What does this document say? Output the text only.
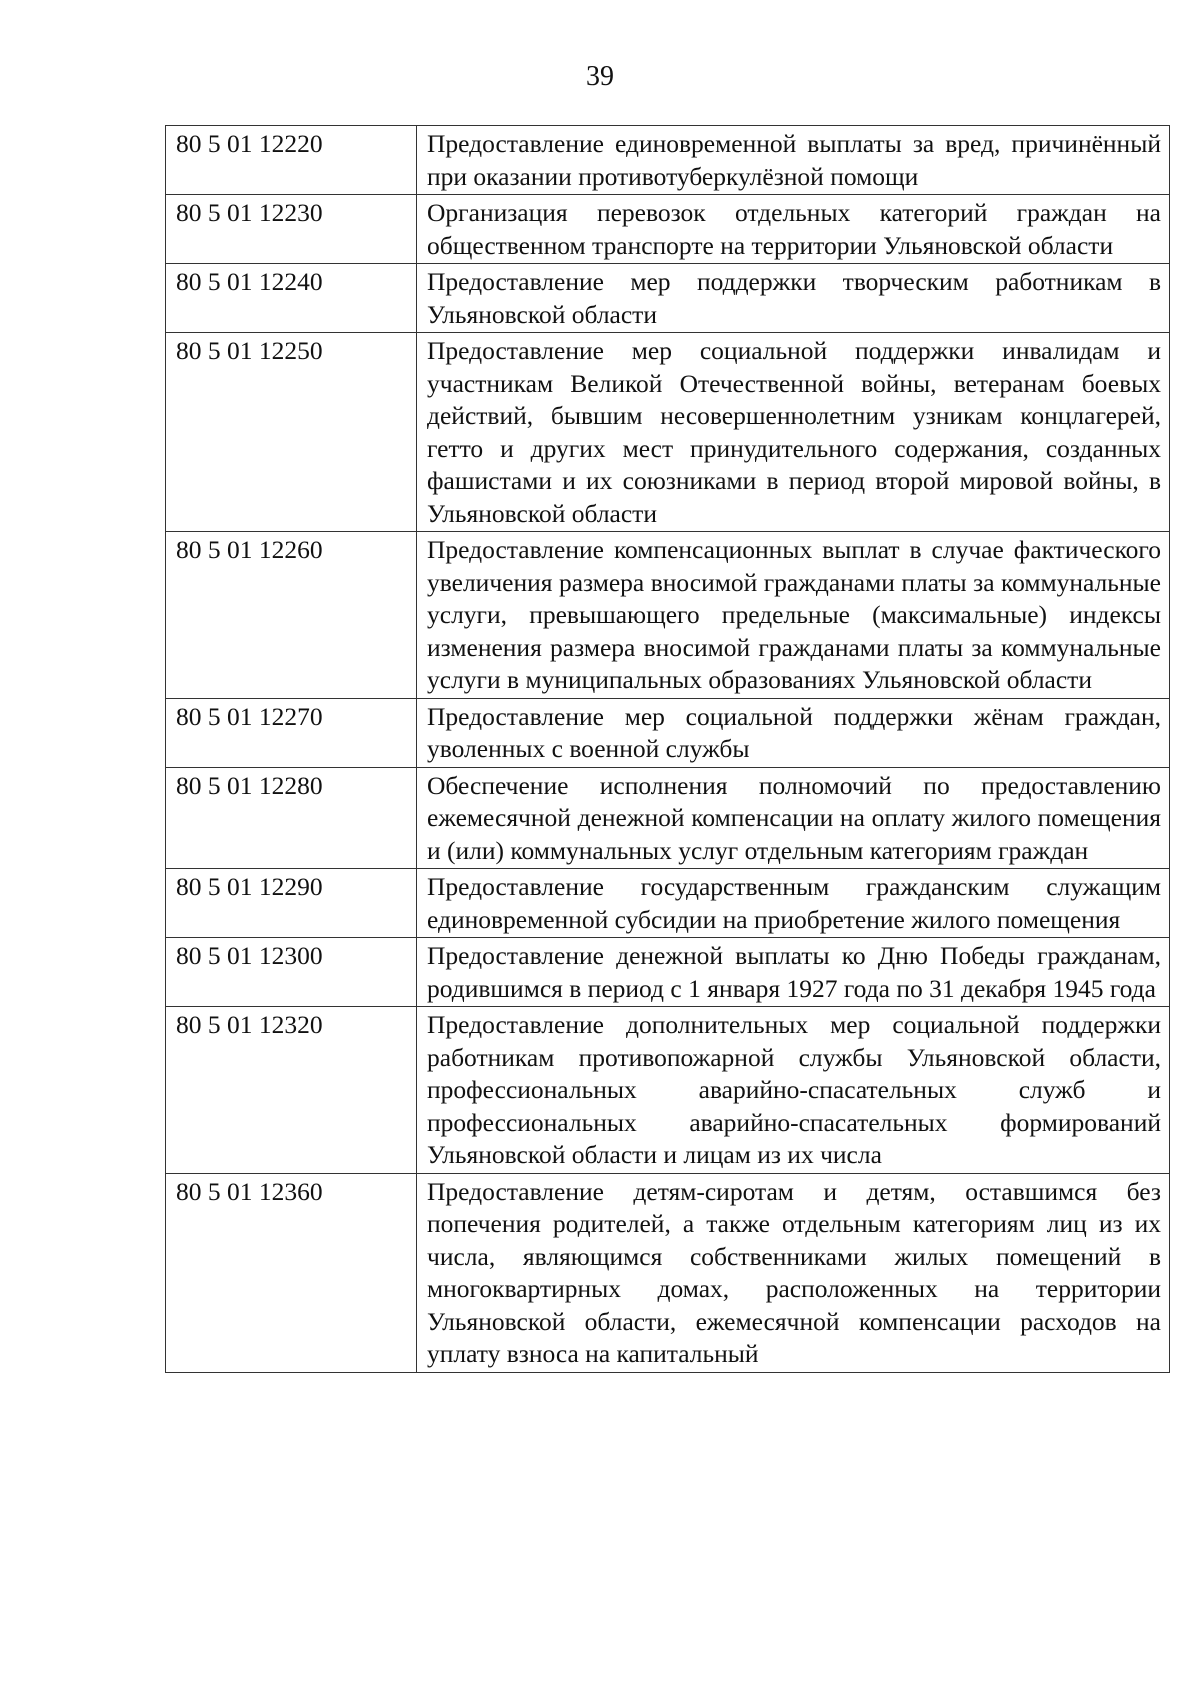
39
80 5 01 12220	Предоставление единовременной выплаты за вред, причинённый при оказании противотуберкулёзной помощи
80 5 01 12230	Организация перевозок отдельных категорий граждан на общественном транспорте на территории Ульяновской области
80 5 01 12240	Предоставление мер поддержки творческим работникам в Ульяновской области
80 5 01 12250	Предоставление мер социальной поддержки инвалидам и участникам Великой Отечественной войны, ветеранам боевых действий, бывшим несовершеннолетним узникам концлагерей, гетто и других мест принудительного содержания, созданных фашистами и их союзниками в период второй мировой войны, в Ульяновской области
80 5 01 12260	Предоставление компенсационных выплат в случае фактического увеличения размера вносимой гражданами платы за коммунальные услуги, превышающего предельные (максимальные) индексы изменения размера вносимой гражданами платы за коммунальные услуги в муниципальных образованиях Ульяновской области
80 5 01 12270	Предоставление мер социальной поддержки жёнам граждан, уволенных с военной службы
80 5 01 12280	Обеспечение исполнения полномочий по предоставлению ежемесячной денежной компенсации на оплату жилого помещения и (или) коммунальных услуг отдельным категориям граждан
80 5 01 12290	Предоставление государственным гражданским служащим единовременной субсидии на приобретение жилого помещения
80 5 01 12300	Предоставление денежной выплаты ко Дню Победы гражданам, родившимся в период с 1 января 1927 года по 31 декабря 1945 года
80 5 01 12320	Предоставление дополнительных мер социальной поддержки работникам противопожарной службы Ульяновской области, профессиональных аварийно-спасательных служб и профессиональных аварийно-спасательных формирований Ульяновской области и лицам из их числа
80 5 01 12360	Предоставление детям-сиротам и детям, оставшимся без попечения родителей, а также отдельным категориям лиц из их числа, являющимся собственниками жилых помещений в многоквартирных домах, расположенных на территории Ульяновской области, ежемесячной компенсации расходов на уплату взноса на капитальный
